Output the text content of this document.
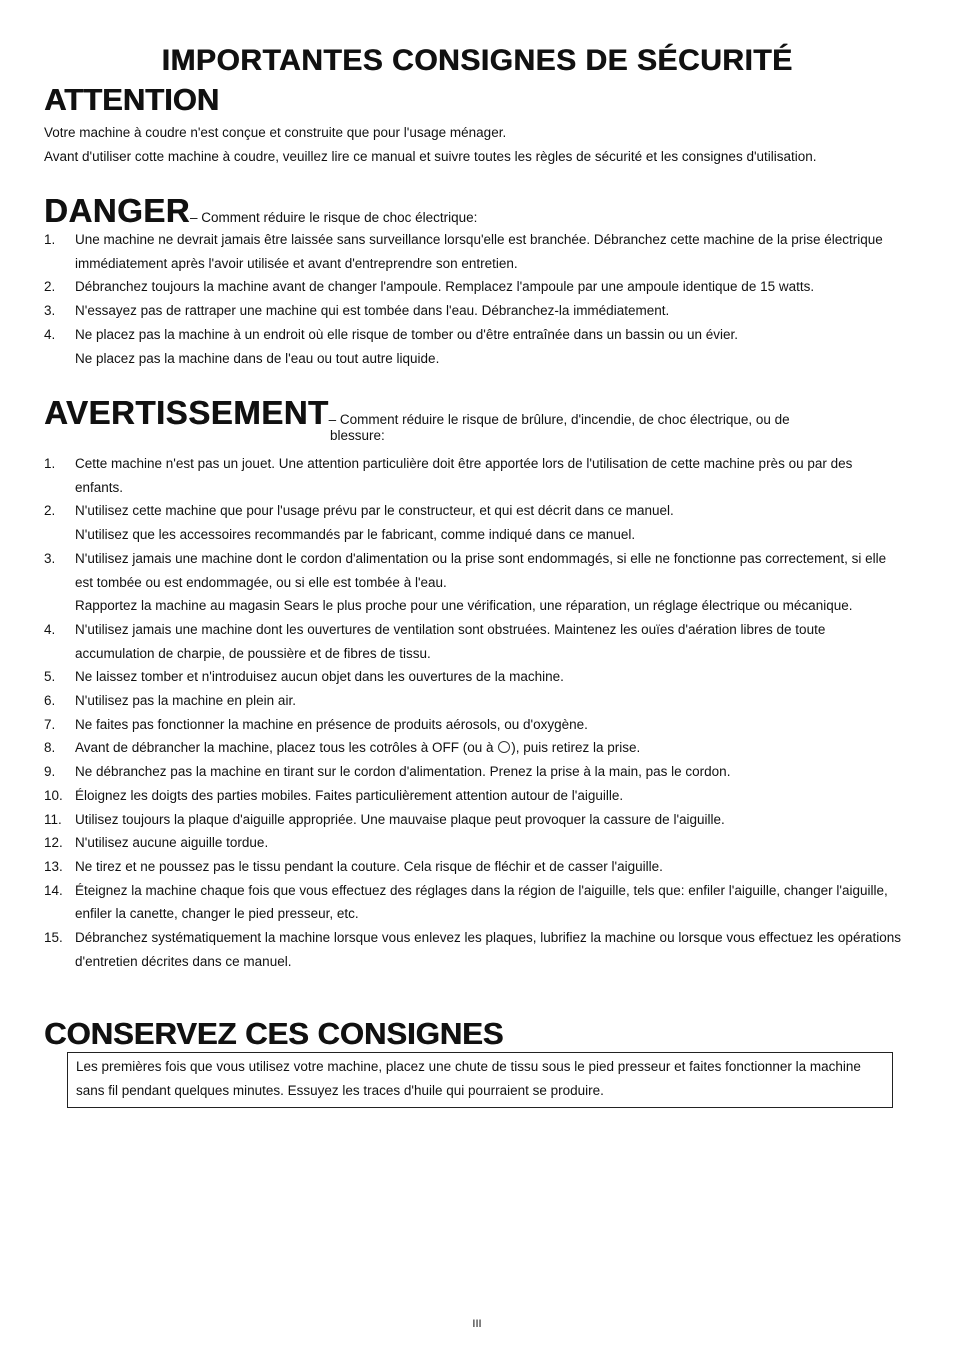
IMPORTANTES CONSIGNES DE SÉCURITÉ
ATTENTION

Votre machine à coudre n'est conçue et construite que pour l'usage ménager.

Avant d'utiliser cotte machine à coudre, veuillez lire ce manual et suivre toutes les règles de sécurité et les consignes d'utilisation.

DANGER– Comment réduire le risque de choc électrique:
1. Une machine ne devrait jamais être laissée sans surveillance lorsqu'elle est branchée. Débranchez cette machine de la prise électrique immédiatement après l'avoir utilisée et avant d'entreprendre son entretien.

2. Débranchez toujours la machine avant de changer l'ampoule. Remplacez l'ampoule par une ampoule identique de 15 watts.

3. N'essayez pas de rattraper une machine qui est tombée dans l'eau. Débranchez-la immédiatement.

4. Ne placez pas la machine à un endroit où elle risque de tomber ou d'être entraînée dans un bassin ou un évier.

Ne placez pas la machine dans de l'eau ou tout autre liquide.

AVERTISSEMENT– Comment réduire le risque de brûlure, d'incendie, de choc électrique, ou de
blessure:
1. Cette machine n'est pas un jouet. Une attention particulière doit être apportée lors de l'utilisation de cette machine près ou par des enfants.

2. N'utilisez cette machine que pour l'usage prévu par le constructeur, et qui est décrit dans ce manuel.

N'utilisez que les accessoires recommandés par le fabricant, comme indiqué dans ce manuel.

3. N'utilisez jamais une machine dont le cordon d'alimentation ou la prise sont endommagés, si elle ne fonctionne pas correctement, si elle est tombée ou est endommagée, ou si elle est tombée à l'eau.

Rapportez la machine au magasin Sears le plus proche pour une vérification, une réparation, un réglage électrique ou mécanique.

4. N'utilisez jamais une machine dont les ouvertures de ventilation sont obstruées. Maintenez les ouïes d'aération libres de toute accumulation de charpie, de poussière et de fibres de tissu.

5. Ne laissez tomber et n'introduisez aucun objet dans les ouvertures de la machine.

6. N'utilisez pas la machine en plein air.

7. Ne faites pas fonctionner la machine en présence de produits aérosols, ou d'oxygène.

8. Avant de débrancher la machine, placez tous les cotrôles à OFF (ou à ), puis retirez la prise.

9. Ne débranchez pas la machine en tirant sur le cordon d'alimentation. Prenez la prise à la main, pas le cordon.

10. Éloignez les doigts des parties mobiles. Faites particulièrement attention autour de l'aiguille.

11. Utilisez toujours la plaque d'aiguille appropriée. Une mauvaise plaque peut provoquer la cassure de l'aiguille.

12. N'utilisez aucune aiguille tordue.

13. Ne tirez et ne poussez pas le tissu pendant la couture. Cela risque de fléchir et de casser l'aiguille.

14. Éteignez la machine chaque fois que vous effectuez des réglages dans la région de l'aiguille, tels que: enfiler l'aiguille, changer l'aiguille, enfiler la canette, changer le pied presseur, etc.

15. Débranchez systématiquement la machine lorsque vous enlevez les plaques, lubrifiez la machine ou lorsque vous effectuez les opérations d'entretien décrites dans ce manuel.

CONSERVEZ CES CONSIGNES
Les premières fois que vous utilisez votre machine, placez une chute de tissu sous le pied presseur et faites fonctionner la machine sans fil pendant quelques minutes. Essuyez les traces d'huile qui pourraient se produire.
III
